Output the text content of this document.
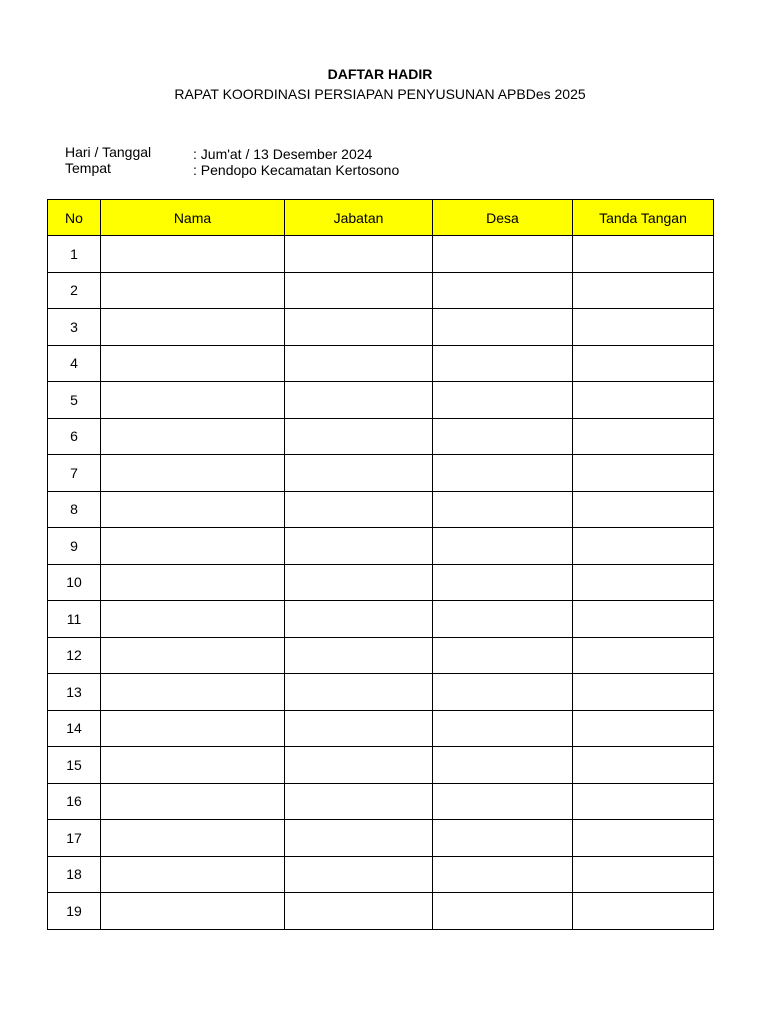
DAFTAR HADIR
RAPAT KOORDINASI PERSIAPAN PENYUSUNAN APBDes 2025
Hari / Tanggal	: Jum'at / 13 Desember 2024
Tempat	: Pendopo Kecamatan Kertosono
No	Nama	Jabatan	Desa	Tanda Tangan
1				
2				
3				
4				
5				
6				
7				
8				
9				
10				
11				
12				
13				
14				
15				
16				
17				
18				
19				
